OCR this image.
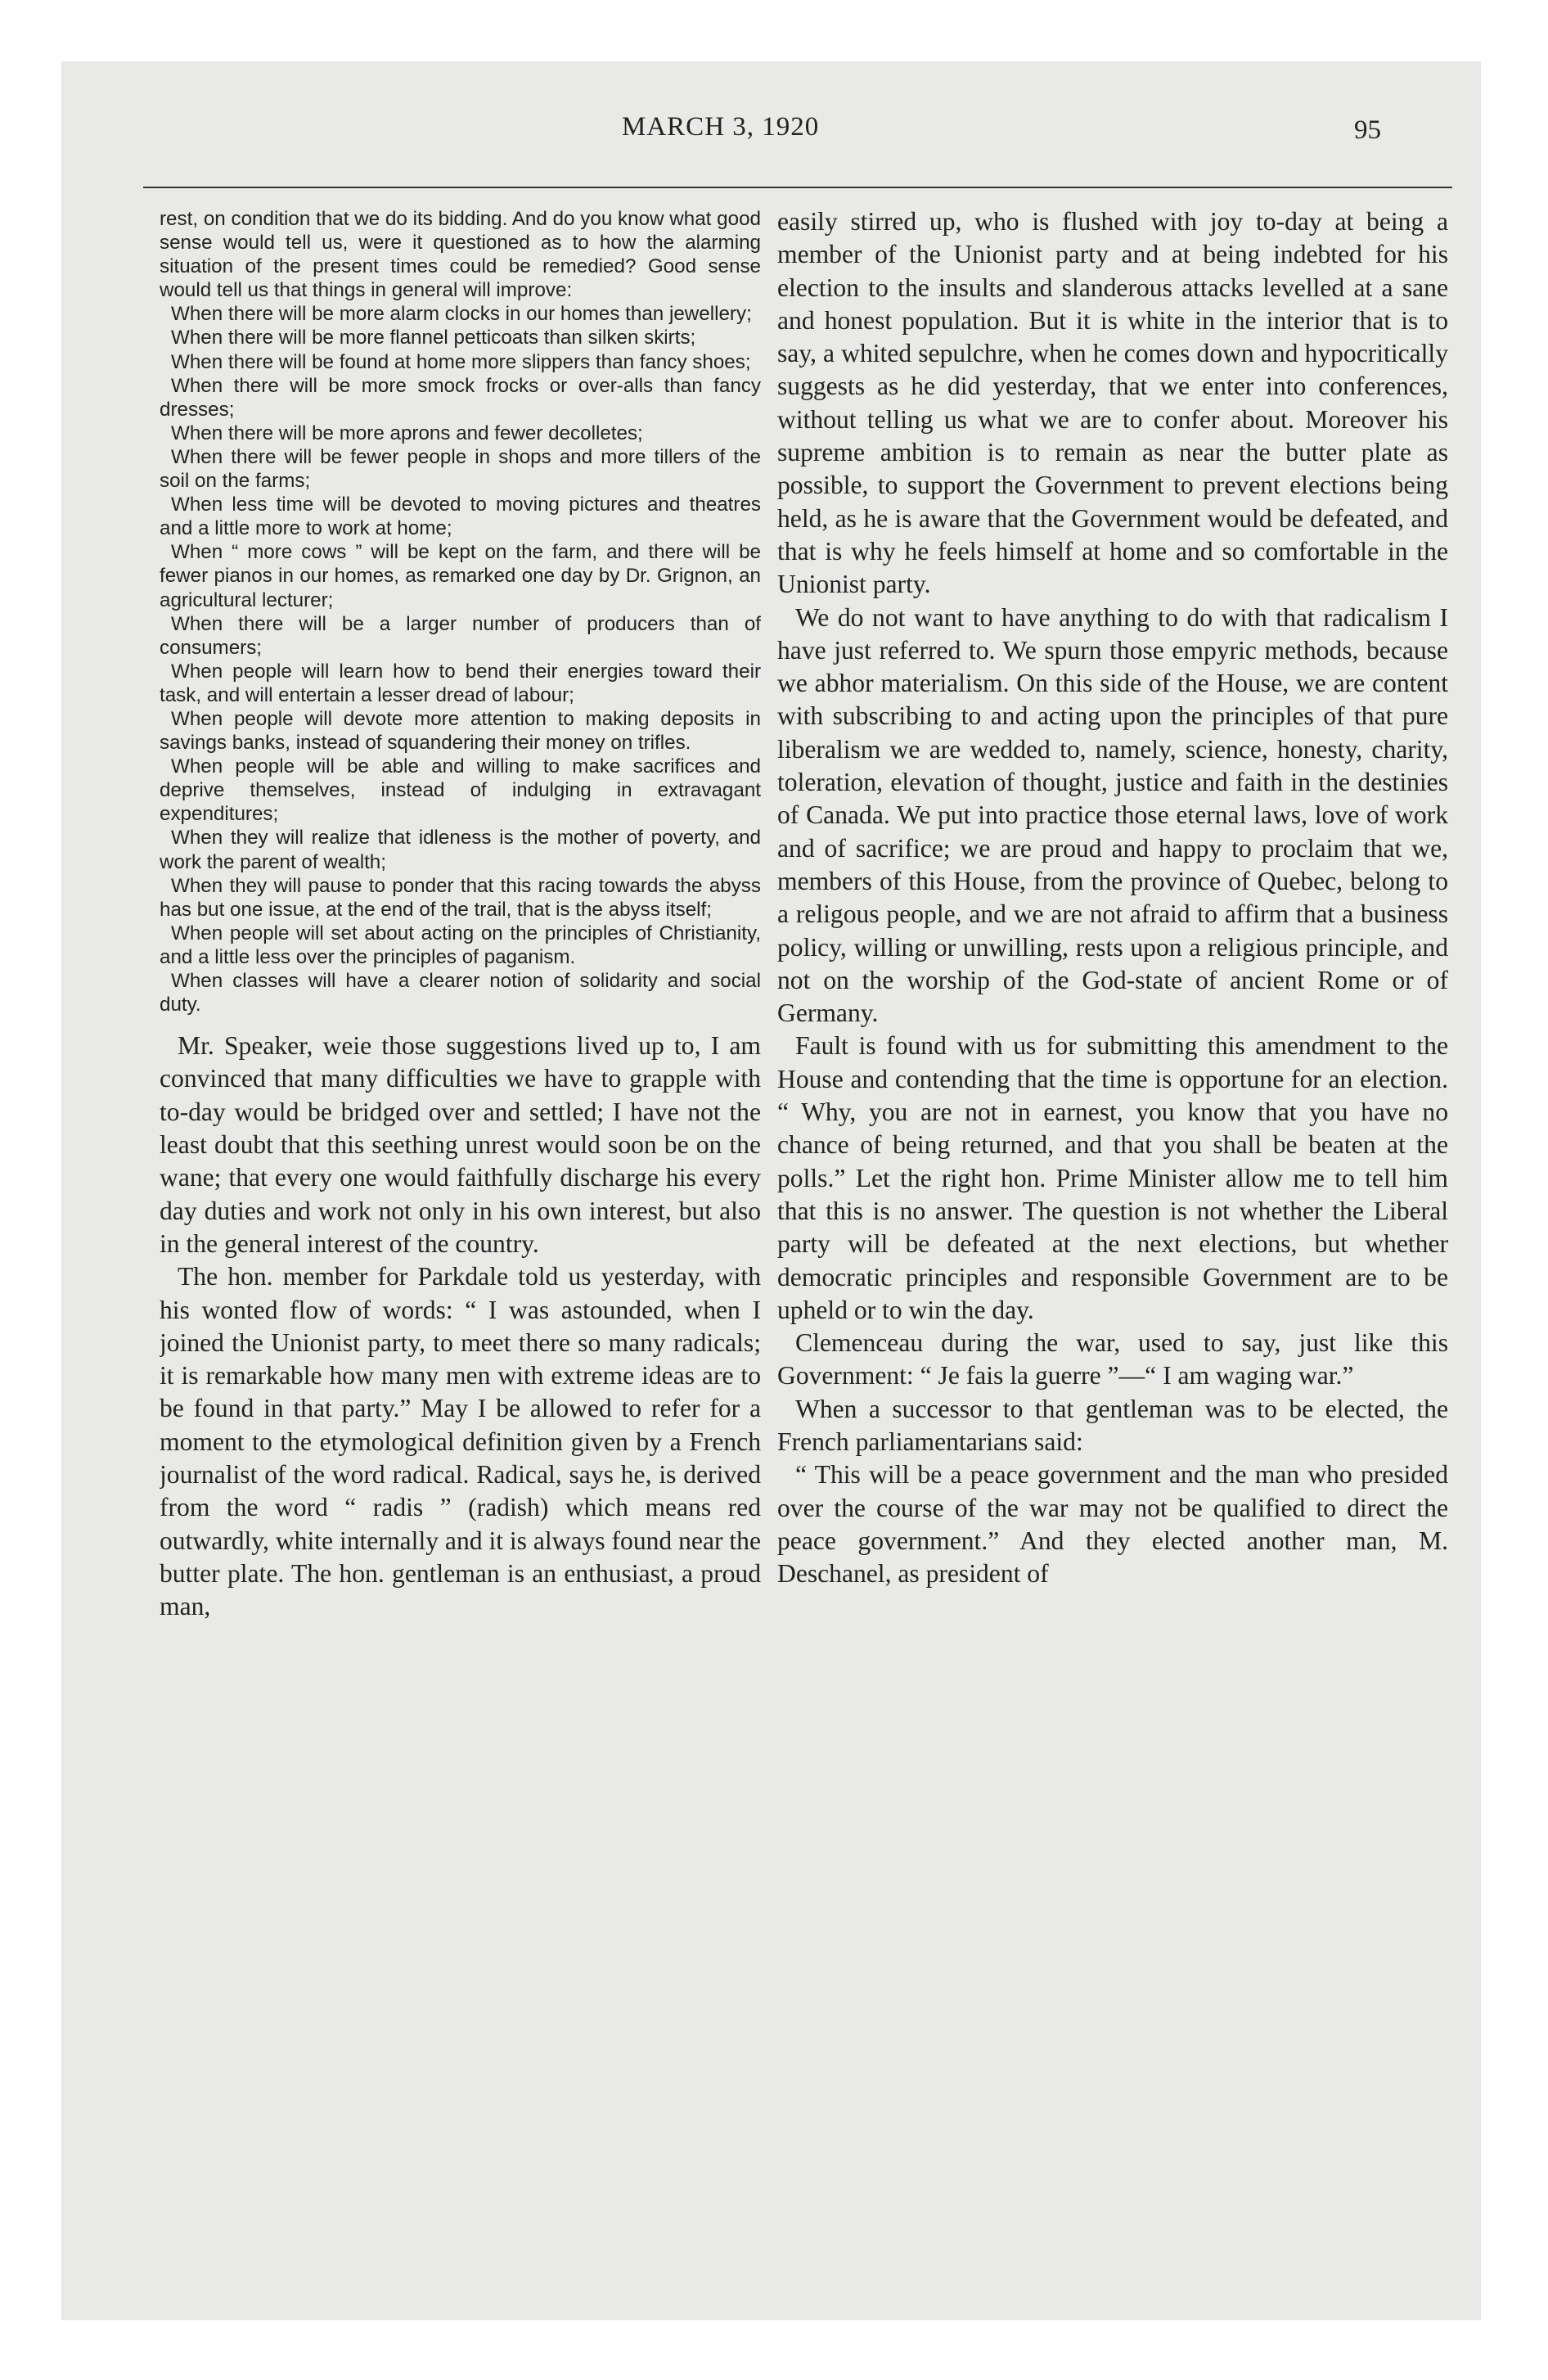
MARCH 3, 1920	95

rest, on condition that we do its bidding. And do you know what good sense would tell us, were it questioned as to how the alarming situation of the present times could be remedied? Good sense would tell us that things in general will improve:

When there will be more alarm clocks in our homes than jewellery;

When there will be more flannel petticoats than silken skirts;

When there will be found at home more slippers than fancy shoes;

When there will be more smock frocks or over-alls than fancy dresses;

When there will be more aprons and fewer decolletes;

When there will be fewer people in shops and more tillers of the soil on the farms;

When less time will be devoted to moving pictures and theatres and a little more to work at home;

When “ more cows ” will be kept on the farm, and there will be fewer pianos in our homes, as remarked one day by Dr. Grignon, an agricultural lecturer;

When there will be a larger number of producers than of consumers;

When people will learn how to bend their energies toward their task, and will entertain a lesser dread of labour;

When people will devote more attention to making deposits in savings banks, instead of squandering their money on trifles.

When people will be able and willing to make sacrifices and deprive themselves, instead of indulging in extravagant expenditures;

When they will realize that idleness is the mother of poverty, and work the parent of wealth;

When they will pause to ponder that this racing towards the abyss has but one issue, at the end of the trail, that is the abyss itself;

When people will set about acting on the principles of Christianity, and a little less over the principles of paganism.

When classes will have a clearer notion of solidarity and social duty.

Mr. Speaker, weie those suggestions lived up to, I am convinced that many difficulties we have to grapple with to-day would be bridged over and settled; I have not the least doubt that this seething unrest would soon be on the wane; that every one would faithfully discharge his every day duties and work not only in his own interest, but also in the general interest of the country.

The hon. member for Parkdale told us yesterday, with his wonted flow of words: “ I was astounded, when I joined the Unionist party, to meet there so many radicals; it is remarkable how many men with extreme ideas are to be found in that party.” May I be allowed to refer for a moment to the etymological definition given by a French journalist of the word radical. Radical, says he, is derived from the word “ radis ” (radish) which means red outwardly, white internally and it is always found near the butter plate. The hon. gentleman is an enthusiast, a proud man,

easily stirred up, who is flushed with joy to-day at being a member of the Unionist party and at being indebted for his election to the insults and slanderous attacks levelled at a sane and honest population. But it is white in the interior that is to say, a whited sepulchre, when he comes down and hypocritically suggests as he did yesterday, that we enter into conferences, without telling us what we are to confer about. Moreover his supreme ambition is to remain as near the butter plate as possible, to support the Government to prevent elections being held, as he is aware that the Government would be defeated, and that is why he feels himself at home and so comfortable in the Unionist party.

We do not want to have anything to do with that radicalism I have just referred to. We spurn those empyric methods, because we abhor materialism. On this side of the House, we are content with subscribing to and acting upon the principles of that pure liberalism we are wedded to, namely, science, honesty, charity, toleration, elevation of thought, justice and faith in the destinies of Canada. We put into practice those eternal laws, love of work and of sacrifice; we are proud and happy to proclaim that we, members of this House, from the province of Quebec, belong to a religous people, and we are not afraid to affirm that a business policy, willing or unwilling, rests upon a religious principle, and not on the worship of the God-state of ancient Rome or of Germany.

Fault is found with us for submitting this amendment to the House and contending that the time is opportune for an election. “ Why, you are not in earnest, you know that you have no chance of being returned, and that you shall be beaten at the polls.” Let the right hon. Prime Minister allow me to tell him that this is no answer. The question is not whether the Liberal party will be defeated at the next elections, but whether democratic principles and responsible Government are to be upheld or to win the day.

Clemenceau during the war, used to say, just like this Government: “ Je fais la guerre ”—“ I am waging war.”

When a successor to that gentleman was to be elected, the French parliamentarians said:

“ This will be a peace government and the man who presided over the course of the war may not be qualified to direct the peace government.” And they elected another man, M. Deschanel, as president of
